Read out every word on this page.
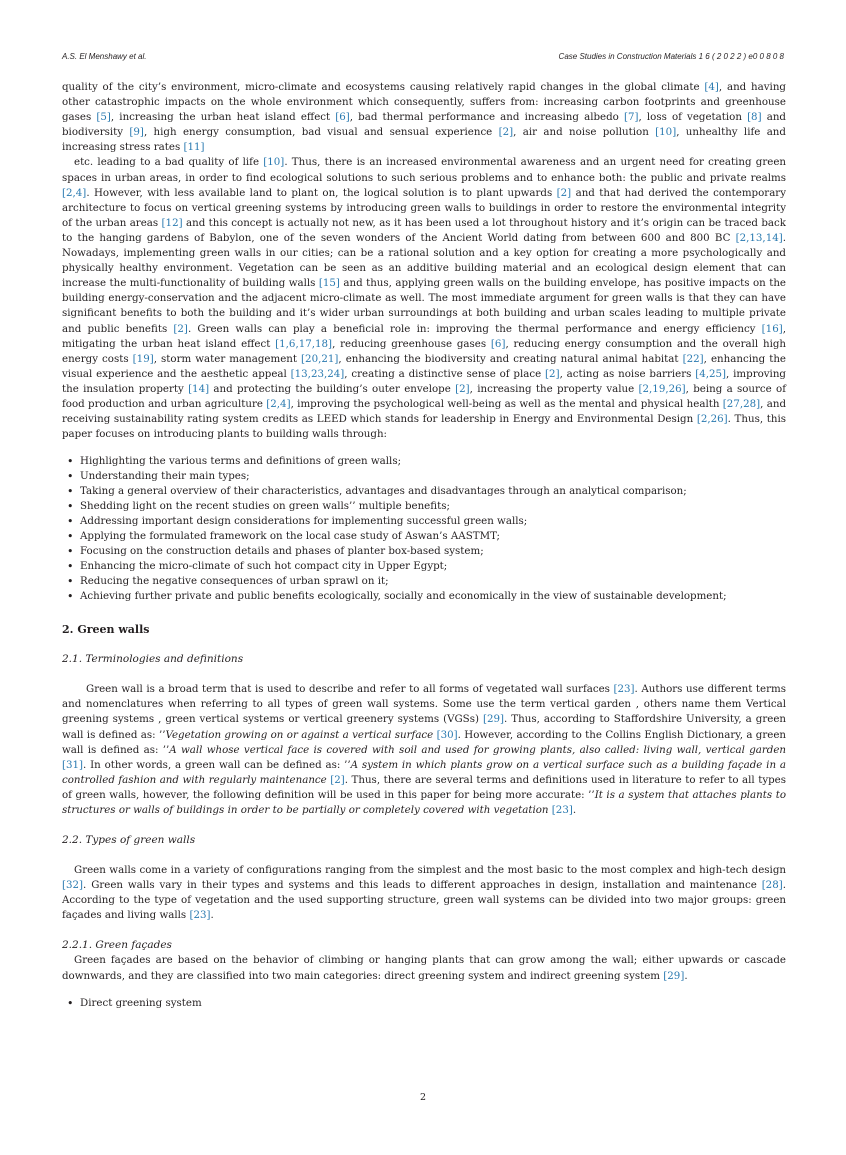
A.S. El Menshawy et al.	Case Studies in Construction Materials 1 6 ( 2 0 2 2 ) e0 0 8 0 8

quality of the city’s environment, micro-climate and ecosystems causing relatively rapid changes in the global climate [4], and having other catastrophic impacts on the whole environment which consequently, suffers from: increasing carbon footprints and greenhouse gases [5], increasing the urban heat island effect [6], bad thermal performance and increasing albedo [7], loss of vegetation [8] and biodiversity [9], high energy consumption, bad visual and sensual experience [2], air and noise pollution [10], unhealthy life and increasing stress rates [11]

etc. leading to a bad quality of life [10]. Thus, there is an increased environmental awareness and an urgent need for creating green spaces in urban areas, in order to find ecological solutions to such serious problems and to enhance both: the public and private realms [2,4]. However, with less available land to plant on, the logical solution is to plant upwards [2] and that had derived the contemporary architecture to focus on vertical greening systems by introducing green walls to buildings in order to restore the environmental integrity of the urban areas [12] and this concept is actually not new, as it has been used a lot throughout history and it’s origin can be traced back to the hanging gardens of Babylon, one of the seven wonders of the Ancient World dating from between 600 and 800 BC [2,13,14]. Nowadays, implementing green walls in our cities; can be a rational solution and a key option for creating a more psychologically and physically healthy environment. Vegetation can be seen as an additive building material and an ecological design element that can increase the multi-functionality of building walls [15] and thus, applying green walls on the building envelope, has positive impacts on the building energy-conservation and the adjacent micro-climate as well. The most immediate argument for green walls is that they can have significant benefits to both the building and it’s wider urban surroundings at both building and urban scales leading to multiple private and public benefits [2]. Green walls can play a beneficial role in: improving the thermal performance and energy efficiency [16], mitigating the urban heat island effect [1,6,17,18], reducing greenhouse gases [6], reducing energy consumption and the overall high energy costs [19], storm water management [20,21], enhancing the biodiversity and creating natural animal habitat [22], enhancing the visual experience and the aesthetic appeal [13,23,24], creating a distinctive sense of place [2], acting as noise barriers [4,25], improving the insulation property [14] and protecting the building’s outer envelope [2], increasing the property value [2,19,26], being a source of food production and urban agriculture [2,4], improving the psychological well-being as well as the mental and physical health [27,28], and receiving sustainability rating system credits as LEED which stands for leadership in Energy and Environmental Design [2,26]. Thus, this paper focuses on introducing plants to building walls through:

• Highlighting the various terms and definitions of green walls;
• Understanding their main types;
• Taking a general overview of their characteristics, advantages and disadvantages through an analytical comparison;
• Shedding light on the recent studies on green walls’’ multiple benefits;
• Addressing important design considerations for implementing successful green walls;
• Applying the formulated framework on the local case study of Aswan’s AASTMT;
• Focusing on the construction details and phases of planter box-based system;
• Enhancing the micro-climate of such hot compact city in Upper Egypt;
• Reducing the negative consequences of urban sprawl on it;
• Achieving further private and public benefits ecologically, socially and economically in the view of sustainable development;
2. Green walls
2.1. Terminologies and definitions

Green wall is a broad term that is used to describe and refer to all forms of vegetated wall surfaces [23]. Authors use different terms and nomenclatures when referring to all types of green wall systems. Some use the term vertical garden , others name them Vertical greening systems , green vertical systems or vertical greenery systems (VGSs) [29]. Thus, according to Staffordshire University, a green wall is defined as: ’’Vegetation growing on or against a vertical surface [30]. However, according to the Collins English Dictionary, a green wall is defined as: ’’A wall whose vertical face is covered with soil and used for growing plants, also called: living wall, vertical garden [31]. In other words, a green wall can be defined as: ’’A system in which plants grow on a vertical surface such as a building façade in a controlled fashion and with regularly maintenance [2]. Thus, there are several terms and definitions used in literature to refer to all types of green walls, however, the following definition will be used in this paper for being more accurate: ’’It is a system that attaches plants to structures or walls of buildings in order to be partially or completely covered with vegetation [23].

2.2. Types of green walls

Green walls come in a variety of configurations ranging from the simplest and the most basic to the most complex and high-tech design [32]. Green walls vary in their types and systems and this leads to different approaches in design, installation and maintenance [28]. According to the type of vegetation and the used supporting structure, green wall systems can be divided into two major groups: green façades and living walls [23].

2.2.1. Green façades

Green façades are based on the behavior of climbing or hanging plants that can grow among the wall; either upwards or cascade downwards, and they are classified into two main categories: direct greening system and indirect greening system [29].

• Direct greening system
2
